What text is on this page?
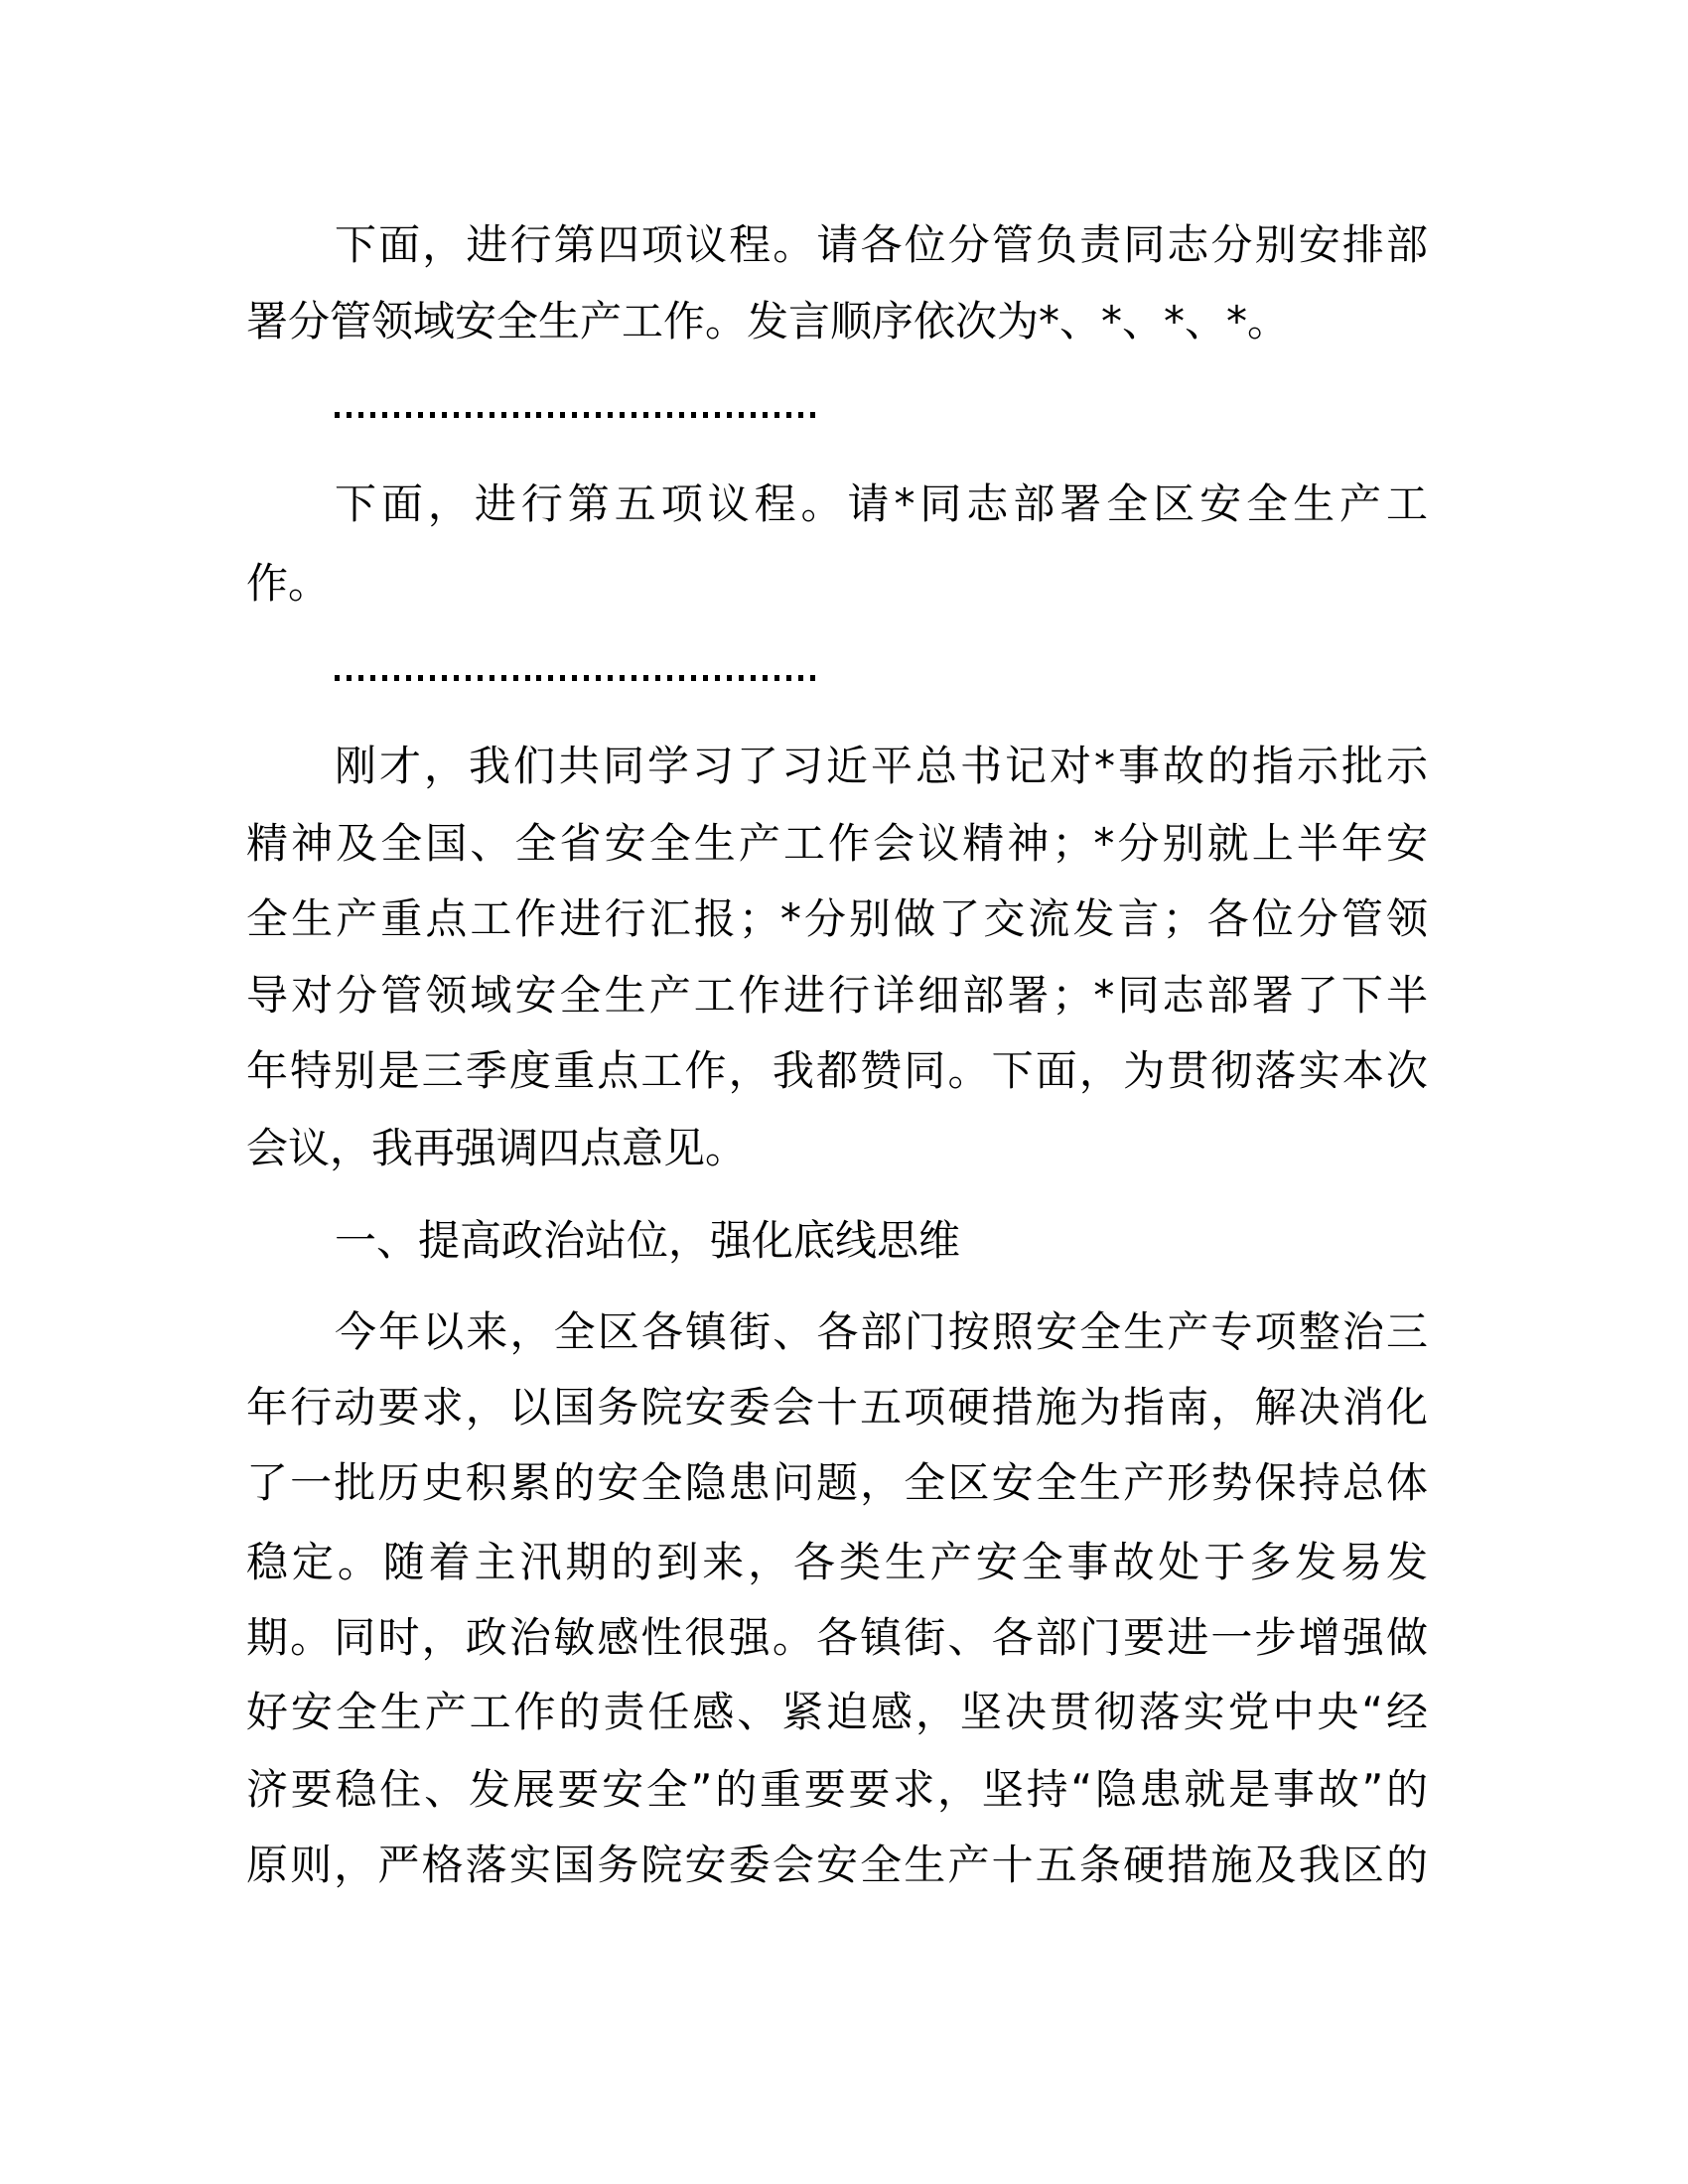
下面，进行第四项议程。请各位分管负责同志分别安排部
署分管领域安全生产工作。发言顺序依次为*、*、*、*。
下面，进行第五项议程。请*同志部署全区安全生产工
作。
刚才，我们共同学习了习近平总书记对*事故的指示批示
精神及全国、全省安全生产工作会议精神；*分别就上半年安
全生产重点工作进行汇报；*分别做了交流发言；各位分管领
导对分管领域安全生产工作进行详细部署；*同志部署了下半
年特别是三季度重点工作，我都赞同。下面，为贯彻落实本次
会议，我再强调四点意见。
一、提高政治站位，强化底线思维
今年以来，全区各镇街、各部门按照安全生产专项整治三
年行动要求，以国务院安委会十五项硬措施为指南，解决消化
了一批历史积累的安全隐患问题，全区安全生产形势保持总体
稳定。随着主汛期的到来，各类生产安全事故处于多发易发
期。同时，政治敏感性很强。各镇街、各部门要进一步增强做
好安全生产工作的责任感、紧迫感，坚决贯彻落实党中央“经
济要稳住、发展要安全”的重要要求，坚持“隐患就是事故”的
原则，严格落实国务院安委会安全生产十五条硬措施及我区的
